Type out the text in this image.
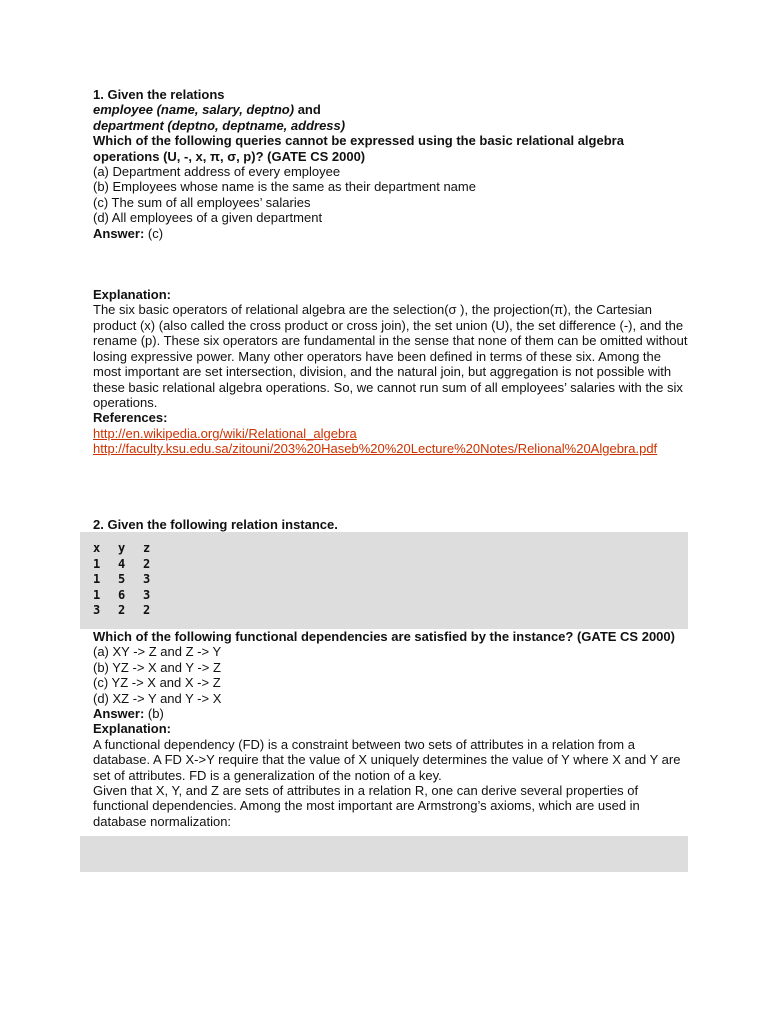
1. Given the relations
employee (name, salary, deptno) and
department (deptno, deptname, address)
Which of the following queries cannot be expressed using the basic relational algebra operations (U, -, x, π, σ, p)? (GATE CS 2000)
(a) Department address of every employee
(b) Employees whose name is the same as their department name
(c) The sum of all employees’ salaries
(d) All employees of a given department
Answer: (c)
Explanation:
The six basic operators of relational algebra are the selection(σ ), the projection(π), the Cartesian product (x) (also called the cross product or cross join), the set union (U), the set difference (-), and the rename (p). These six operators are fundamental in the sense that none of them can be omitted without losing expressive power. Many other operators have been defined in terms of these six. Among the most important are set intersection, division, and the natural join, but aggregation is not possible with these basic relational algebra operations. So, we cannot run sum of all employees’ salaries with the six operations.
References:
http://en.wikipedia.org/wiki/Relational_algebra
http://faculty.ksu.edu.sa/zitouni/203%20Haseb%20%20Lecture%20Notes/Relional%20Algebra.pdf
2. Given the following relation instance.
x	y	z
1	4	2
1	5	3
1	6	3
3	2	2
Which of the following functional dependencies are satisfied by the instance? (GATE CS 2000)
(a) XY -> Z and Z -> Y
(b) YZ -> X and Y -> Z
(c) YZ -> X and X -> Z
(d) XZ -> Y and Y -> X
Answer: (b)
Explanation:
A functional dependency (FD) is a constraint between two sets of attributes in a relation from a database. A FD X->Y require that the value of X uniquely determines the value of Y where X and Y are set of attributes. FD is a generalization of the notion of a key.
Given that X, Y, and Z are sets of attributes in a relation R, one can derive several properties of functional dependencies. Among the most important are Armstrong’s axioms, which are used in database normalization:
